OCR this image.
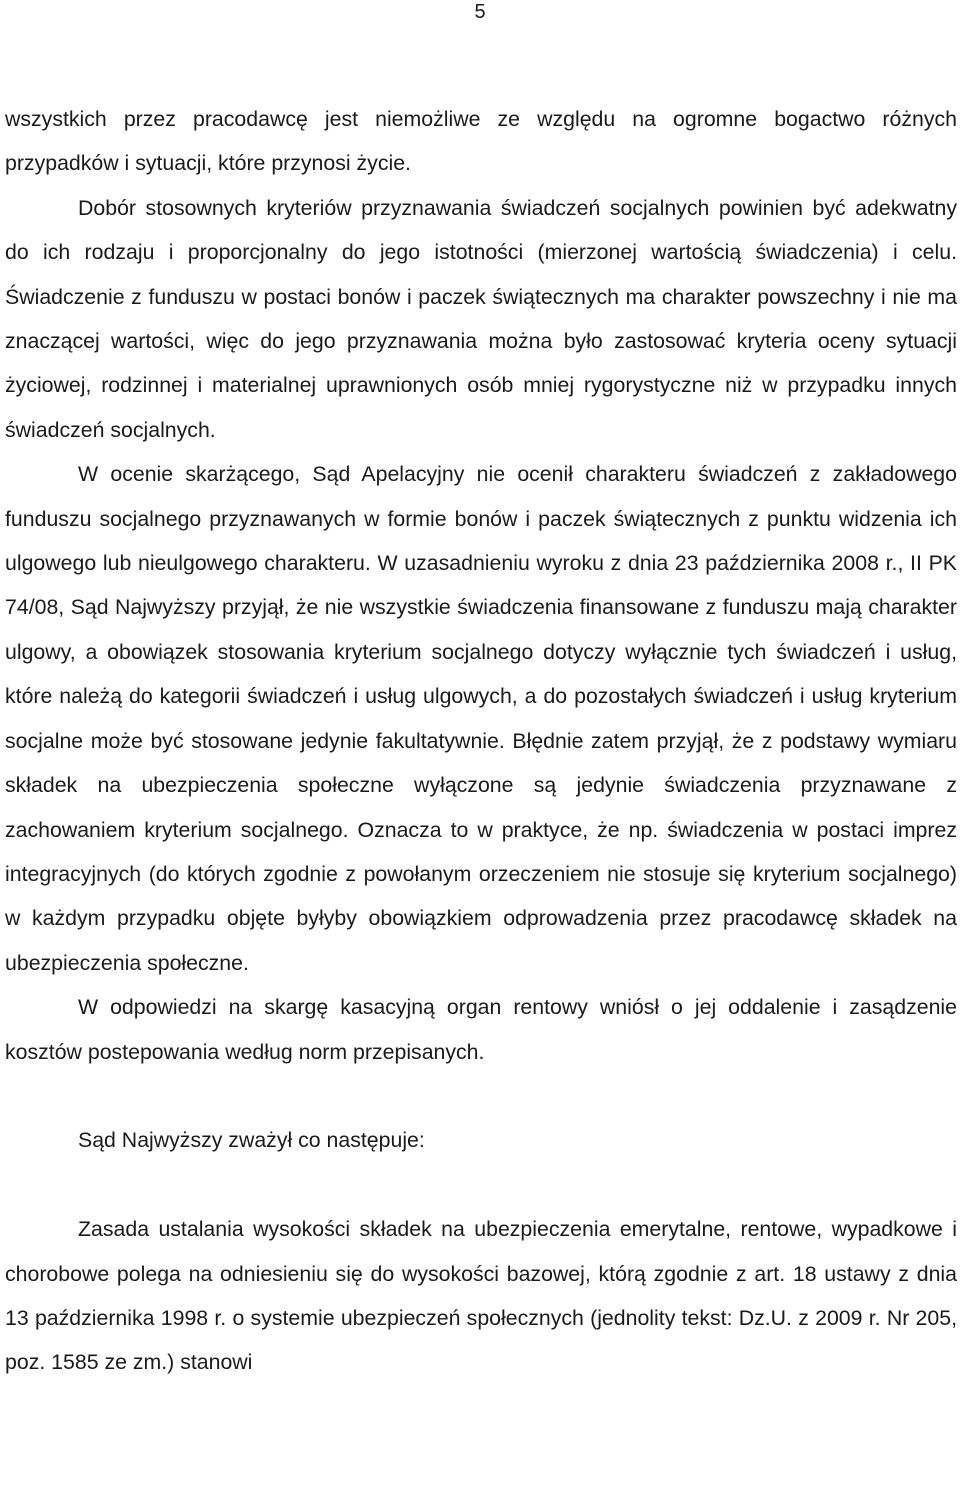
5

wszystkich przez pracodawcę jest niemożliwe ze względu na ogromne bogactwo różnych przypadków i sytuacji, które przynosi życie.

Dobór stosownych kryteriów przyznawania świadczeń socjalnych powinien być adekwatny do ich rodzaju i proporcjonalny do jego istotności (mierzonej wartością świadczenia) i celu. Świadczenie z funduszu w postaci bonów i paczek świątecznych ma charakter powszechny i nie ma znaczącej wartości, więc do jego przyznawania można było zastosować kryteria oceny sytuacji życiowej, rodzinnej i materialnej uprawnionych osób mniej rygorystyczne niż w przypadku innych świadczeń socjalnych.

W ocenie skarżącego, Sąd Apelacyjny nie ocenił charakteru świadczeń z zakładowego funduszu socjalnego przyznawanych w formie bonów i paczek świątecznych z punktu widzenia ich ulgowego lub nieulgowego charakteru. W uzasadnieniu wyroku z dnia 23 października 2008 r., II PK 74/08, Sąd Najwyższy przyjął, że nie wszystkie świadczenia finansowane z funduszu mają charakter ulgowy, a obowiązek stosowania kryterium socjalnego dotyczy wyłącznie tych świadczeń i usług, które należą do kategorii świadczeń i usług ulgowych, a do pozostałych świadczeń i usług kryterium socjalne może być stosowane jedynie fakultatywnie. Błędnie zatem przyjął, że z podstawy wymiaru składek na ubezpieczenia społeczne wyłączone są jedynie świadczenia przyznawane z zachowaniem kryterium socjalnego. Oznacza to w praktyce, że np. świadczenia w postaci imprez integracyjnych (do których zgodnie z powołanym orzeczeniem nie stosuje się kryterium socjalnego) w każdym przypadku objęte byłyby obowiązkiem odprowadzenia przez pracodawcę składek na ubezpieczenia społeczne.

W odpowiedzi na skargę kasacyjną organ rentowy wniósł o jej oddalenie i zasądzenie kosztów postepowania według norm przepisanych.

Sąd Najwyższy zważył co następuje:

Zasada ustalania wysokości składek na ubezpieczenia emerytalne, rentowe, wypadkowe i chorobowe polega na odniesieniu się do wysokości bazowej, którą zgodnie z art. 18 ustawy z dnia 13 października 1998 r. o systemie ubezpieczeń społecznych (jednolity tekst: Dz.U. z 2009 r. Nr 205, poz. 1585 ze zm.) stanowi
